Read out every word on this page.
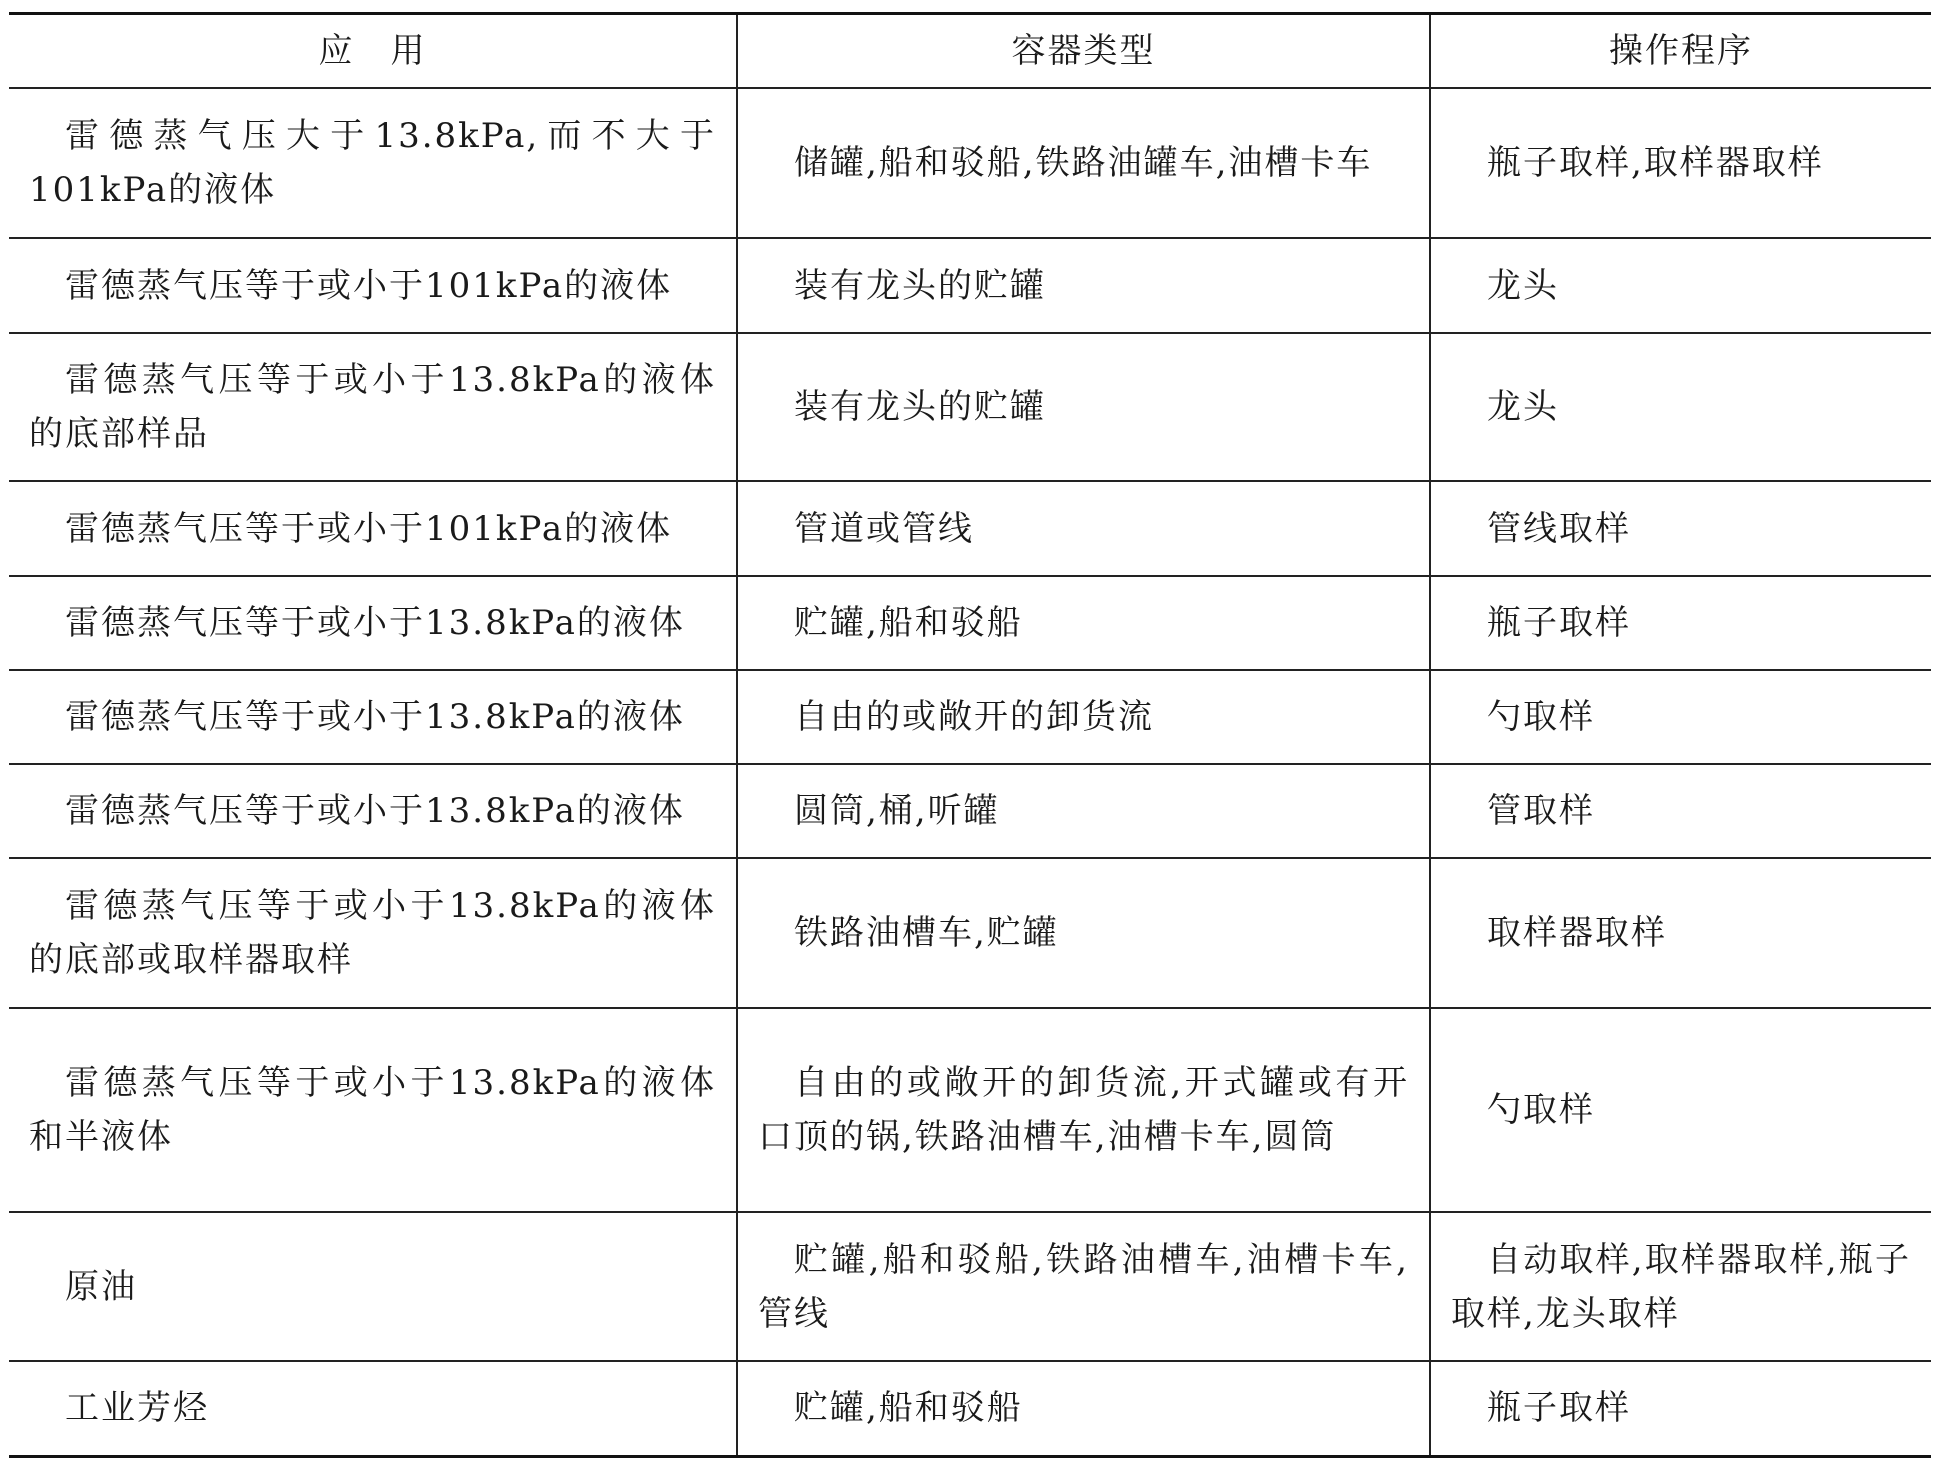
应　用	容器类型	操作程序

雷德蒸气压大于13.8kPa,而不大于101kPa的液体	储罐,船和驳船,铁路油罐车,油槽卡车	瓶子取样,取样器取样

雷德蒸气压等于或小于101kPa的液体	装有龙头的贮罐	龙头

雷德蒸气压等于或小于13.8kPa的液体的底部样品	装有龙头的贮罐	龙头

雷德蒸气压等于或小于101kPa的液体	管道或管线	管线取样

雷德蒸气压等于或小于13.8kPa的液体	贮罐,船和驳船	瓶子取样

雷德蒸气压等于或小于13.8kPa的液体	自由的或敞开的卸货流	勺取样

雷德蒸气压等于或小于13.8kPa的液体	圆筒,桶,听罐	管取样

雷德蒸气压等于或小于13.8kPa的液体的底部或取样器取样	铁路油槽车,贮罐	取样器取样

雷德蒸气压等于或小于13.8kPa的液体和半液体	自由的或敞开的卸货流,开式罐或有开口顶的锅,铁路油槽车,油槽卡车,圆筒	勺取样

原油	贮罐,船和驳船,铁路油槽车,油槽卡车,管线	自动取样,取样器取样,瓶子取样,龙头取样

工业芳烃	贮罐,船和驳船	瓶子取样
